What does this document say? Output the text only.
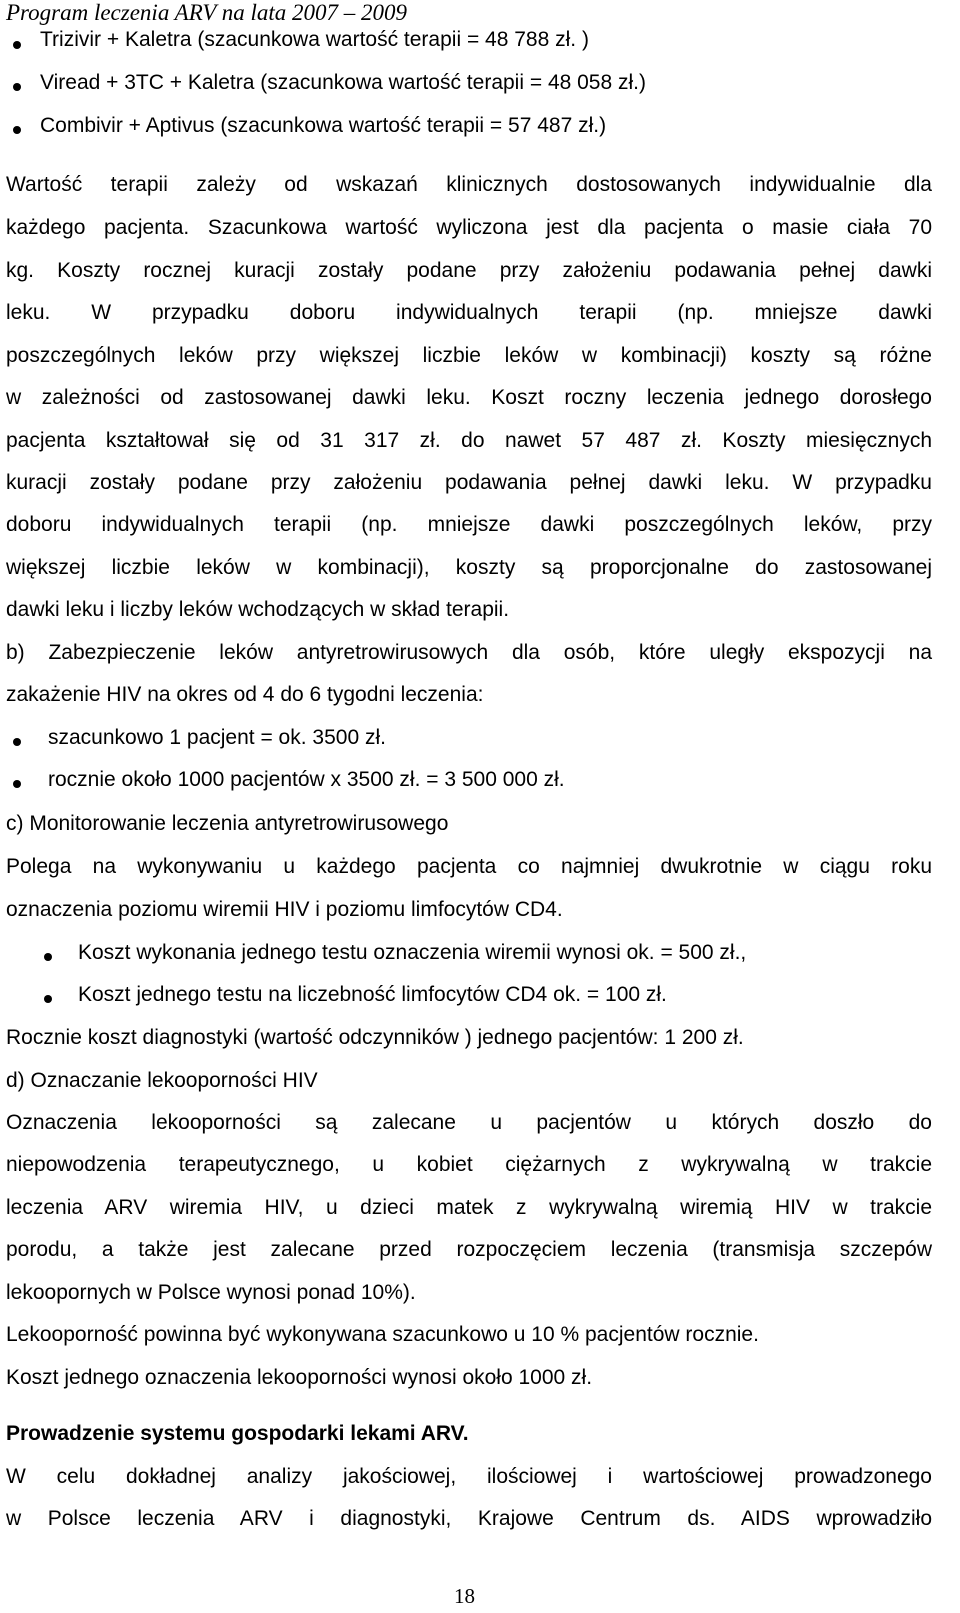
Program leczenia ARV na lata 2007 – 2009
Trizivir + Kaletra (szacunkowa wartość terapii = 48 788 zł. )
Viread + 3TC + Kaletra (szacunkowa wartość terapii = 48 058 zł.)
Combivir + Aptivus (szacunkowa wartość terapii = 57 487 zł.)
Wartość terapii zależy od wskazań klinicznych dostosowanych indywidualnie dla
każdego pacjenta. Szacunkowa wartość wyliczona jest dla pacjenta o masie ciała 70
kg. Koszty rocznej kuracji zostały podane przy założeniu podawania pełnej dawki
leku. W przypadku doboru indywidualnych terapii (np. mniejsze dawki
poszczególnych leków przy większej liczbie leków w kombinacji) koszty są różne
w zależności od zastosowanej dawki leku. Koszt roczny leczenia jednego dorosłego
pacjenta kształtował się od 31 317 zł. do nawet 57 487 zł. Koszty miesięcznych
kuracji zostały podane przy założeniu podawania pełnej dawki leku. W przypadku
doboru indywidualnych terapii (np. mniejsze dawki poszczególnych leków, przy
większej liczbie leków w kombinacji), koszty są proporcjonalne do zastosowanej
dawki leku i liczby leków wchodzących w skład terapii.
b) Zabezpieczenie leków antyretrowirusowych dla osób, które uległy ekspozycji na
zakażenie HIV na okres od 4 do 6 tygodni leczenia:
szacunkowo 1 pacjent = ok. 3500 zł.
rocznie około 1000 pacjentów x 3500 zł. = 3 500 000 zł.
c) Monitorowanie leczenia antyretrowirusowego
Polega na wykonywaniu u każdego pacjenta co najmniej dwukrotnie w ciągu roku
oznaczenia poziomu wiremii HIV i poziomu limfocytów CD4.
Koszt wykonania jednego testu oznaczenia wiremii wynosi ok. = 500 zł.,
Koszt jednego testu na liczebność limfocytów CD4 ok. = 100 zł.
Rocznie koszt diagnostyki (wartość odczynników ) jednego pacjentów: 1 200 zł.
d) Oznaczanie lekooporności HIV
Oznaczenia lekooporności są zalecane u pacjentów u których doszło do
niepowodzenia terapeutycznego, u kobiet ciężarnych z wykrywalną w trakcie
leczenia ARV wiremia HIV, u dzieci matek z wykrywalną wiremią HIV w trakcie
porodu, a także jest zalecane przed rozpoczęciem leczenia (transmisja szczepów
lekoopornych w Polsce wynosi ponad 10%).
Lekooporność powinna być wykonywana szacunkowo u 10 % pacjentów rocznie.
Koszt jednego oznaczenia lekooporności wynosi około 1000 zł.
Prowadzenie systemu gospodarki lekami ARV.
W celu dokładnej analizy jakościowej, ilościowej i wartościowej prowadzonego
w Polsce leczenia ARV i diagnostyki, Krajowe Centrum ds. AIDS wprowadziło
18
